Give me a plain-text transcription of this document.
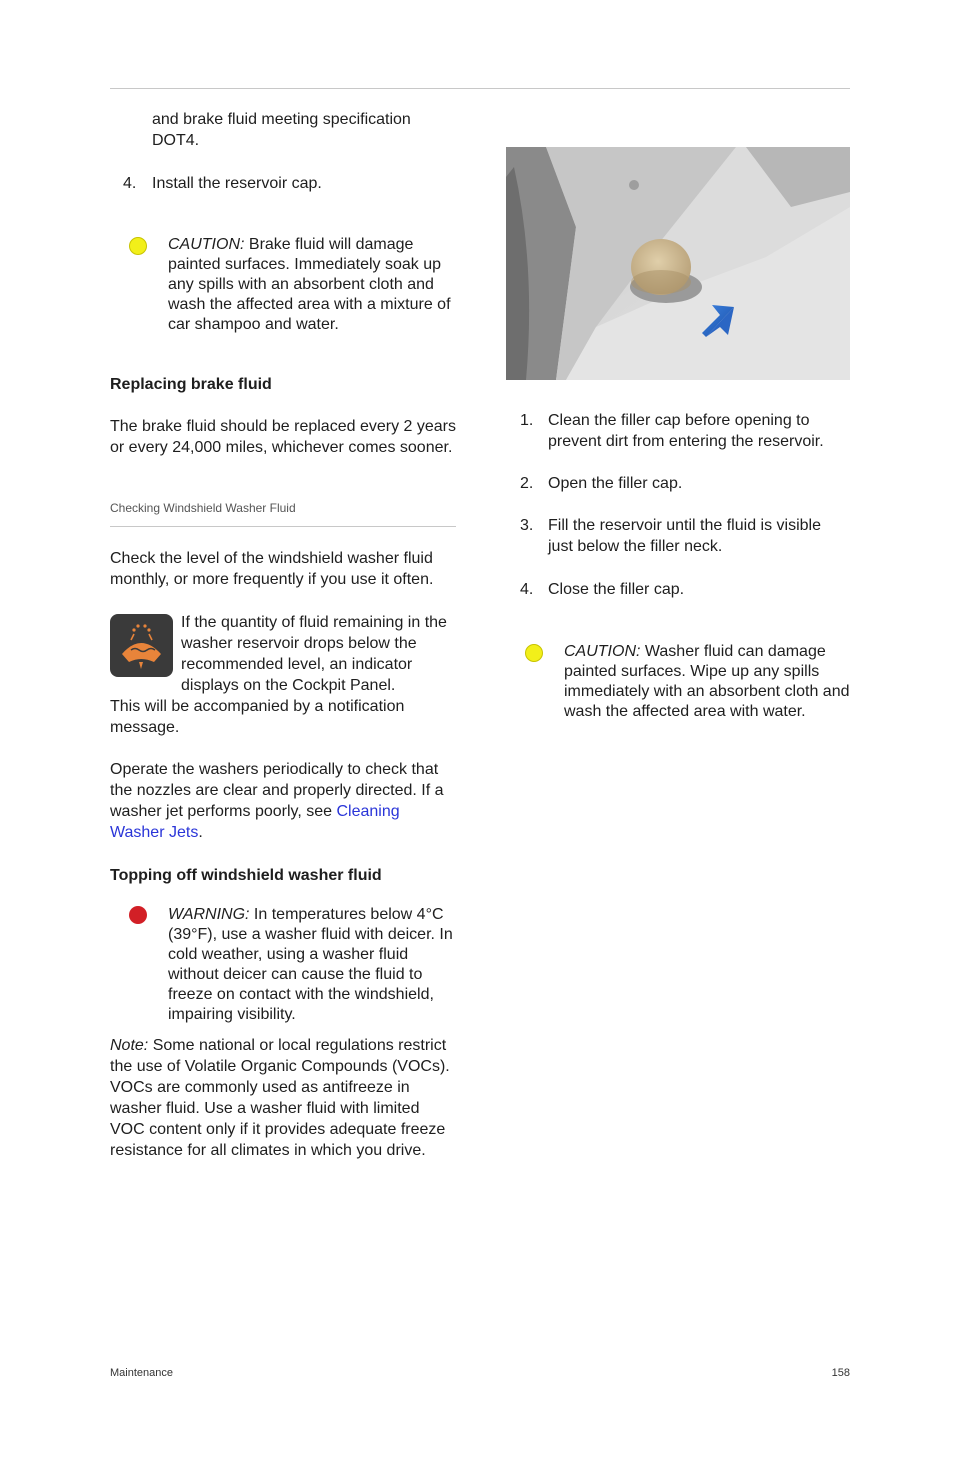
and brake fluid meeting specification DOT4.

4. Install the reservoir cap.

CAUTION: Brake fluid will damage painted surfaces. Immediately soak up any spills with an absorbent cloth and wash the affected area with a mixture of car shampoo and water.

Replacing brake fluid

The brake fluid should be replaced every 2 years or every 24,000 miles, whichever comes sooner.

Checking Windshield Washer Fluid

Check the level of the windshield washer fluid monthly, or more frequently if you use it often.

If the quantity of fluid remaining in the washer reservoir drops below the recommended level, an indicator displays on the Cockpit Panel.

This will be accompanied by a notification message.

Operate the washers periodically to check that the nozzles are clear and properly directed. If a washer jet performs poorly, see Cleaning Washer Jets.

Topping off windshield washer fluid

WARNING: In temperatures below 4°C (39°F), use a washer fluid with deicer. In cold weather, using a washer fluid without deicer can cause the fluid to freeze on contact with the windshield, impairing visibility.

Note: Some national or local regulations restrict the use of Volatile Organic Compounds (VOCs). VOCs are commonly used as antifreeze in washer fluid. Use a washer fluid with limited VOC content only if it provides adequate freeze resistance for all climates in which you drive.

1. Clean the filler cap before opening to prevent dirt from entering the reservoir.

2. Open the filler cap.

3. Fill the reservoir until the fluid is visible just below the filler neck.

4. Close the filler cap.

CAUTION: Washer fluid can damage painted surfaces. Wipe up any spills immediately with an absorbent cloth and wash the affected area with water.

Maintenance	158
